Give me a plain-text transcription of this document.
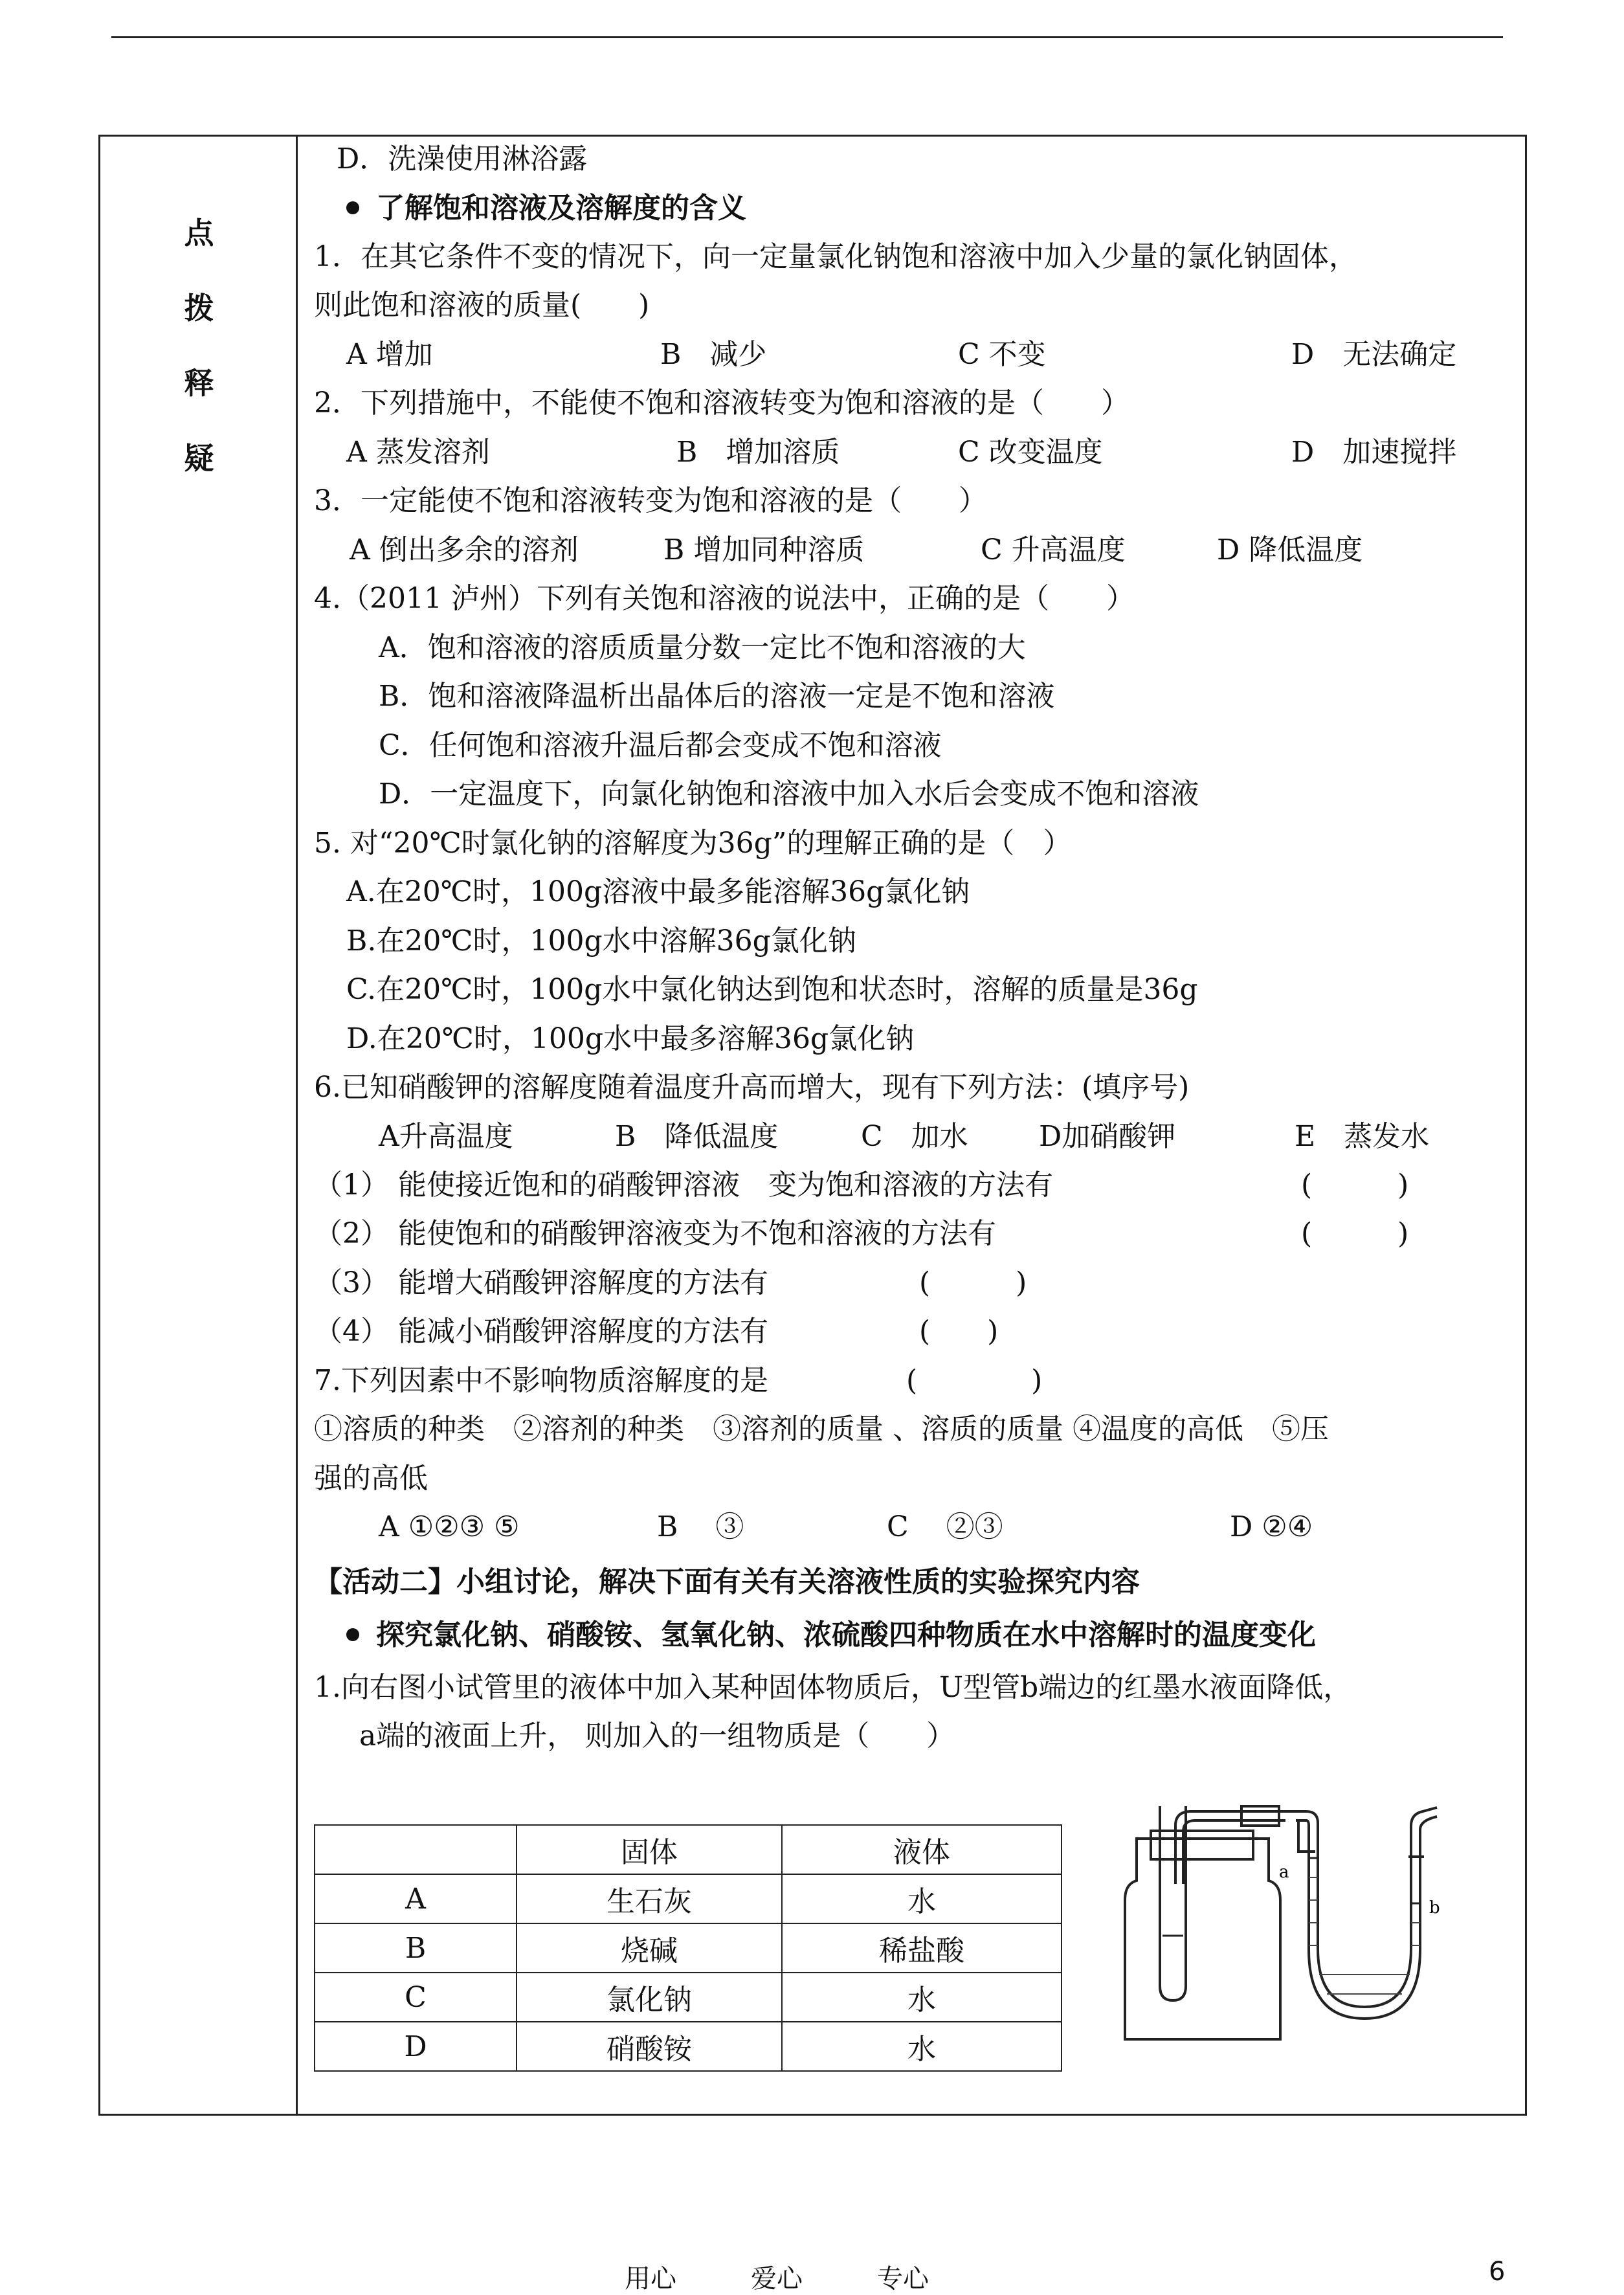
点
拨
释
疑
D．洗澡使用淋浴露
了解饱和溶液及溶解度的含义
1．在其它条件不变的情况下，向一定量氯化钠饱和溶液中加入少量的氯化钠固体，
则此饱和溶液的质量(　　)
A 增加	B　减少	C 不变	D　无法确定
2．下列措施中，不能使不饱和溶液转变为饱和溶液的是（　　）
A 蒸发溶剂	B　增加溶质	C 改变温度	D　加速搅拌
3．一定能使不饱和溶液转变为饱和溶液的是（　　）
A 倒出多余的溶剂	B 增加同种溶质	C 升高温度	D 降低温度
4.（2011 泸州）下列有关饱和溶液的说法中，正确的是（　　）
A．饱和溶液的溶质质量分数一定比不饱和溶液的大
B．饱和溶液降温析出晶体后的溶液一定是不饱和溶液
C．任何饱和溶液升温后都会变成不饱和溶液
D．一定温度下，向氯化钠饱和溶液中加入水后会变成不饱和溶液
5. 对“20℃时氯化钠的溶解度为36g”的理解正确的是（　）
A.在20℃时，100g溶液中最多能溶解36g氯化钠
B.在20℃时，100g水中溶解36g氯化钠
C.在20℃时，100g水中氯化钠达到饱和状态时，溶解的质量是36g
D.在20℃时，100g水中最多溶解36g氯化钠
6.已知硝酸钾的溶解度随着温度升高而增大，现有下列方法：(填序号)
A升高温度	B　降低温度	C　加水 D加硝酸钾	E　蒸发水
（1） 能使接近饱和的硝酸钾溶液　变为饱和溶液的方法有	(　　　)
（2） 能使饱和的硝酸钾溶液变为不饱和溶液的方法有	(　　　)
（3） 能增大硝酸钾溶解度的方法有	(　　　)
（4） 能减小硝酸钾溶解度的方法有	(　　)
7.下列因素中不影响物质溶解度的是	(　　　　)
①溶质的种类　②溶剂的种类　③溶剂的质量 、溶质的质量 ④温度的高低　⑤压
强的高低
A ①②③ ⑤	B　 ③	C　 ②③	D ②④
【活动二】小组讨论，解决下面有关有关溶液性质的实验探究内容
探究氯化钠、硝酸铵、氢氧化钠、浓硫酸四种物质在水中溶解时的温度变化
1.向右图小试管里的液体中加入某种固体物质后，U型管b端边的红墨水液面降低，
a端的液面上升， 则加入的一组物质是（　　）
	固体	液体
A	生石灰	水
B	烧碱	稀盐酸
C	氯化钠	水
D	硝酸铵	水
a
b
用心	爱心	专心	6
